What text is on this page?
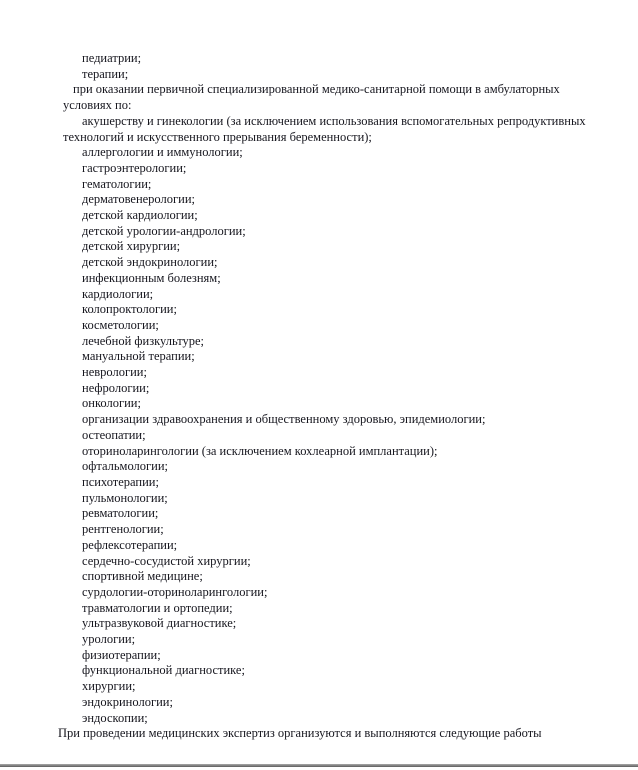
педиатрии;
терапии;
при оказании первичной специализированной медико-санитарной помощи в амбулаторных
условиях по:
акушерству и гинекологии (за исключением использования вспомогательных репродуктивных
технологий и искусственного прерывания беременности);
аллергологии и иммунологии;
гастроэнтерологии;
гематологии;
дерматовенерологии;
детской кардиологии;
детской урологии-андрологии;
детской хирургии;
детской эндокринологии;
инфекционным болезням;
кардиологии;
колопроктологии;
косметологии;
лечебной физкультуре;
мануальной терапии;
неврологии;
нефрологии;
онкологии;
организации здравоохранения и общественному здоровью, эпидемиологии;
остеопатии;
оториноларингологии (за исключением кохлеарной имплантации);
офтальмологии;
психотерапии;
пульмонологии;
ревматологии;
рентгенологии;
рефлексотерапии;
сердечно-сосудистой хирургии;
спортивной медицине;
сурдологии-оториноларингологии;
травматологии и ортопедии;
ультразвуковой диагностике;
урологии;
физиотерапии;
функциональной диагностике;
хирургии;
эндокринологии;
эндоскопии;
При проведении медицинских экспертиз организуются и выполняются следующие работы
